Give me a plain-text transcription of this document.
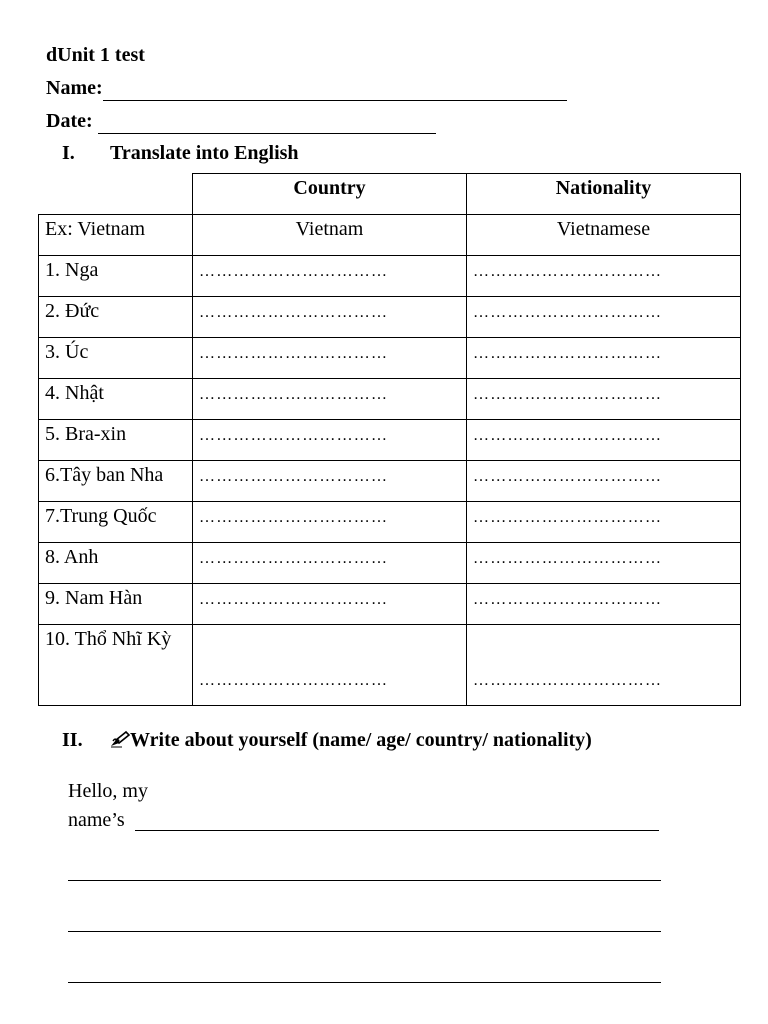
dUnit 1 test
Name:
Date:
I. Translate into English
	Country	Nationality
Ex: Vietnam	Vietnam	Vietnamese
1. Nga	……………………………	……………………………

2. Đức	……………………………	……………………………

3. Úc	……………………………	……………………………

4. Nhật	……………………………	……………………………

5. Bra-xin	……………………………	……………………………

6.Tây ban Nha	……………………………	……………………………

7.Trung Quốc	……………………………	……………………………

8. Anh	……………………………	……………………………

9. Nam Hàn	……………………………	……………………………

10. Thổ Nhĩ Kỳ	……………………………	……………………………
II.	Write about yourself (name/ age/ country/ nationality)
Hello, my
name’s
